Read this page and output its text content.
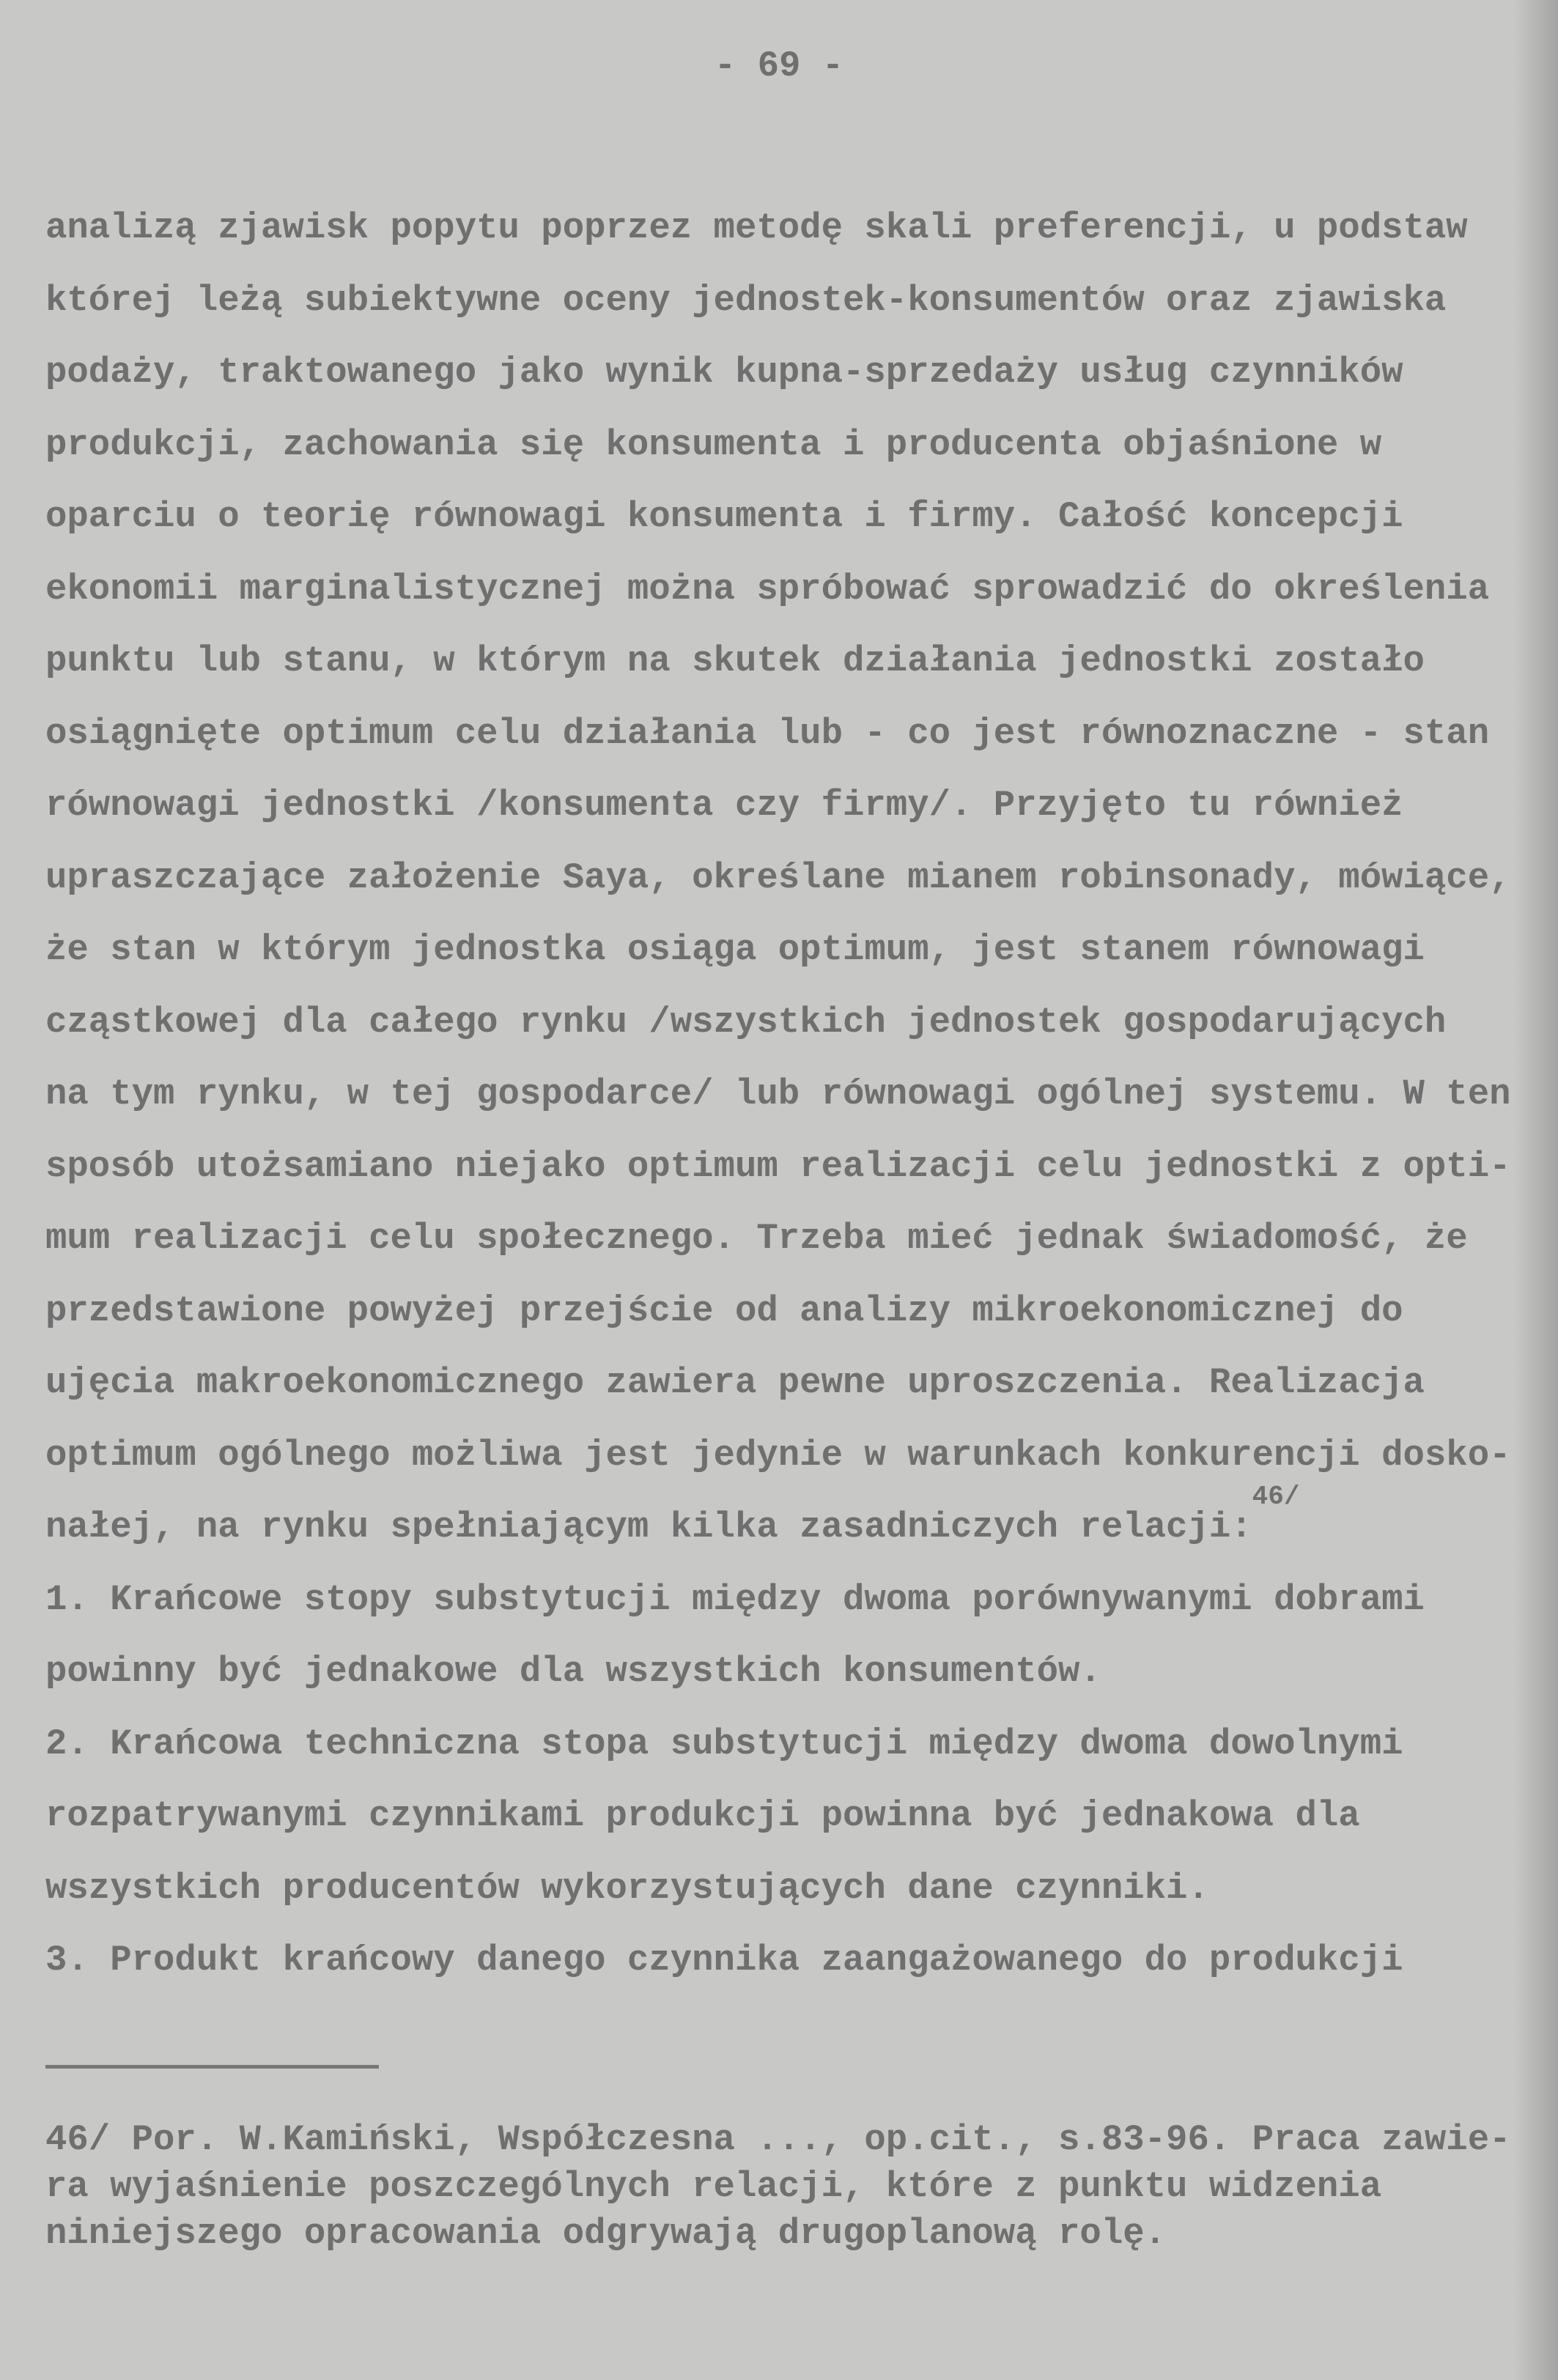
- 69 -
analizą zjawisk popytu poprzez metodę skali preferencji, u podstaw
której leżą subiektywne oceny jednostek-konsumentów oraz zjawiska
podaży, traktowanego jako wynik kupna-sprzedaży usług czynników
produkcji, zachowania się konsumenta i producenta objaśnione w
oparciu o teorię równowagi konsumenta i firmy. Całość koncepcji
ekonomii marginalistycznej można spróbować sprowadzić do określenia
punktu lub stanu, w którym na skutek działania jednostki zostało
osiągnięte optimum celu działania lub - co jest równoznaczne - stan
równowagi jednostki /konsumenta czy firmy/. Przyjęto tu również
upraszczające założenie Saya, określane mianem robinsonady, mówiące,
że stan w którym jednostka osiąga optimum, jest stanem równowagi
cząstkowej dla całego rynku /wszystkich jednostek gospodarujących
na tym rynku, w tej gospodarce/ lub równowagi ogólnej systemu. W ten
sposób utożsamiano niejako optimum realizacji celu jednostki z opti-
mum realizacji celu społecznego. Trzeba mieć jednak świadomość, że
przedstawione powyżej przejście od analizy mikroekonomicznej do
ujęcia makroekonomicznego zawiera pewne uproszczenia. Realizacja
optimum ogólnego możliwa jest jedynie w warunkach konkurencji dosko-
nałej, na rynku spełniającym kilka zasadniczych relacji:$^{46/}$
1. Krańcowe stopy substytucji między dwoma porównywanymi dobrami
powinny być jednakowe dla wszystkich konsumentów.
2. Krańcowa techniczna stopa substytucji między dwoma dowolnymi
rozpatrywanymi czynnikami produkcji powinna być jednakowa dla
wszystkich producentów wykorzystujących dane czynniki.
3. Produkt krańcowy danego czynnika zaangażowanego do produkcji
46/ Por. W.Kamiński, Współczesna ..., op.cit., s.83-96. Praca zawie-
ra wyjaśnienie poszczególnych relacji, które z punktu widzenia
niniejszego opracowania odgrywają drugoplanową rolę.
